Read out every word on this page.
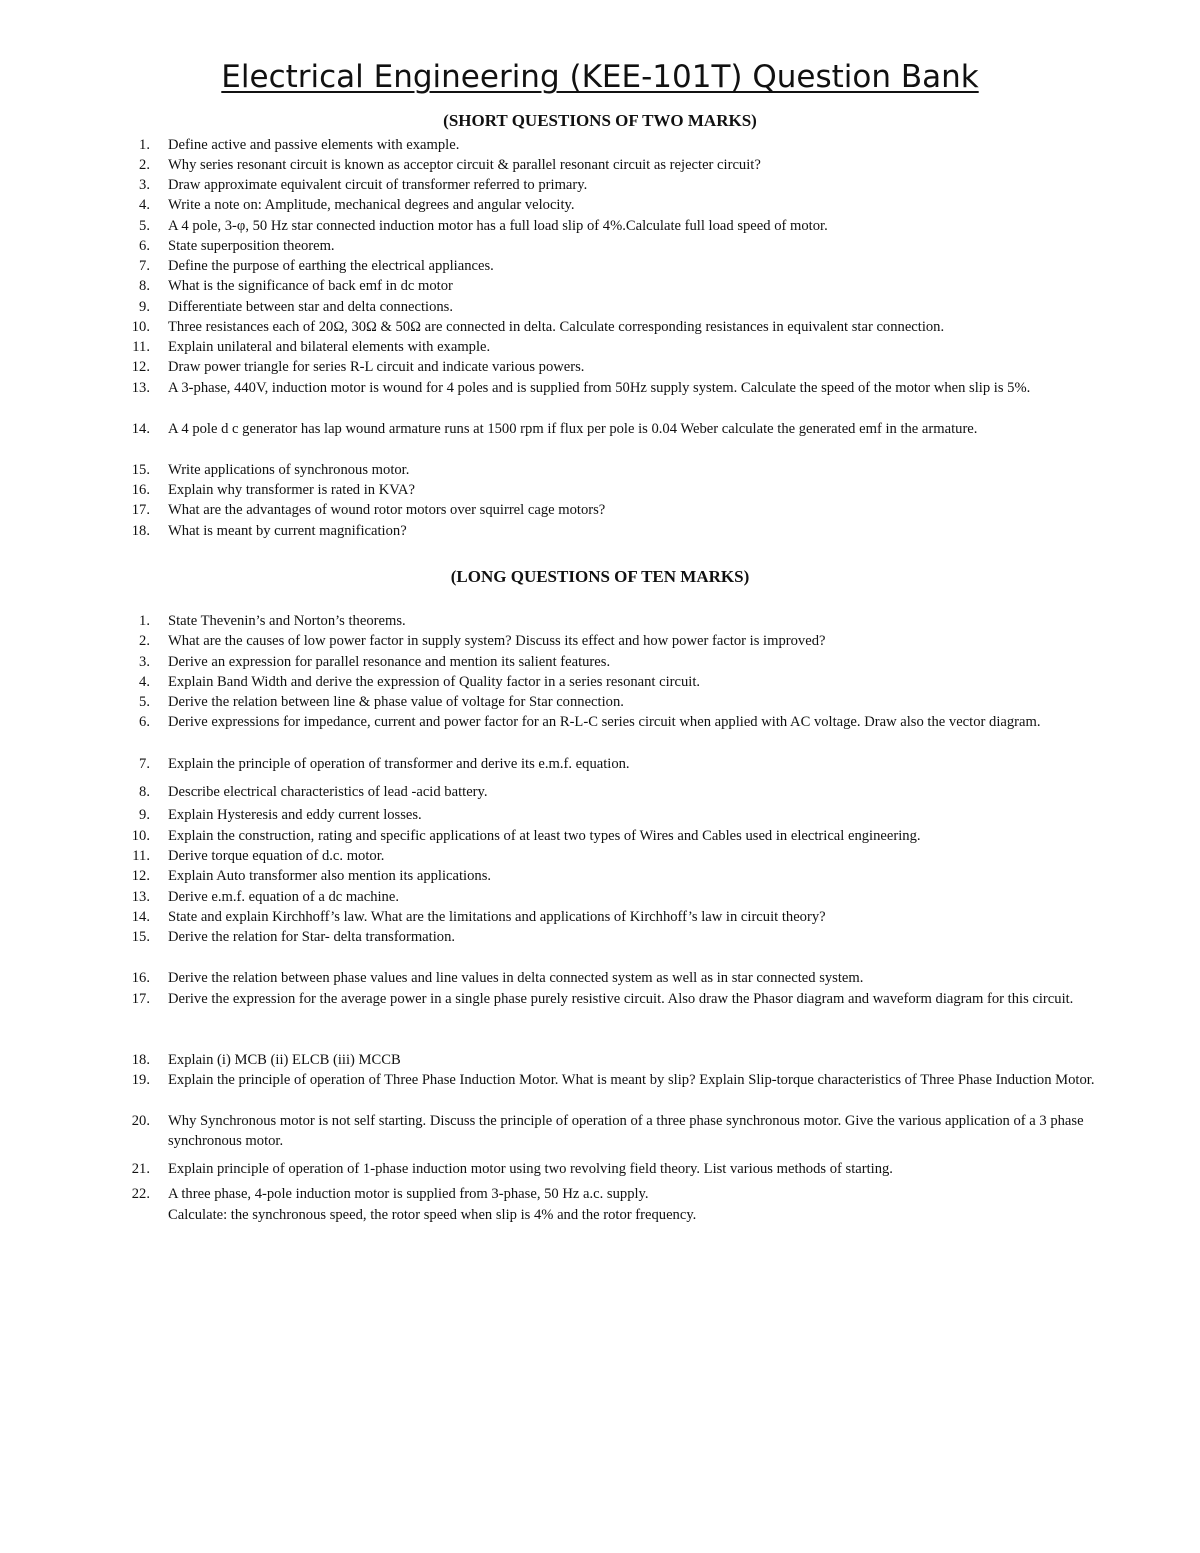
Electrical Engineering (KEE-101T) Question Bank
(SHORT QUESTIONS OF TWO MARKS)
(LONG QUESTIONS OF TEN MARKS)
1. Define active and passive elements with example.
2. Why series resonant circuit is known as acceptor circuit & parallel resonant circuit as rejecter circuit?
3. Draw approximate equivalent circuit of transformer referred to primary.
4. Write a note on: Amplitude, mechanical degrees and angular velocity.
5. A 4 pole, 3-φ, 50 Hz star connected induction motor has a full load slip of 4%.Calculate full load speed of motor.
6. State superposition theorem.
7. Define the purpose of earthing the electrical appliances.
8. What is the significance of back emf in dc motor
9. Differentiate between star and delta connections.
10. Three resistances each of 20Ω, 30Ω & 50Ω are connected in delta. Calculate corresponding resistances in equivalent star connection.
11. Explain unilateral and bilateral elements with example.
12. Draw power triangle for series R-L circuit and indicate various powers.
13. A 3-phase, 440V, induction motor is wound for 4 poles and is supplied from 50Hz supply system. Calculate the speed of the motor when slip is 5%.
14. A 4 pole d c generator has lap wound armature runs at 1500 rpm if flux per pole is 0.04 Weber calculate the generated emf in the armature.
15. Write applications of synchronous motor.
16. Explain why transformer is rated in KVA?
17. What are the advantages of wound rotor motors over squirrel cage motors?
18. What is meant by current magnification?
1. State Thevenin’s and Norton’s theorems.
2. What are the causes of low power factor in supply system? Discuss its effect and how power factor is improved?
3. Derive an expression for parallel resonance and mention its salient features.
4. Explain Band Width and derive the expression of Quality factor in a series resonant circuit.
5. Derive the relation between line & phase value of voltage for Star connection.
6. Derive expressions for impedance, current and power factor for an R-L-C series circuit when applied with AC voltage. Draw also the vector diagram.
7. Explain the principle of operation of transformer and derive its e.m.f. equation.
8. Describe electrical characteristics of lead -acid battery.
9. Explain Hysteresis and eddy current losses.
10. Explain the construction, rating and specific applications of at least two types of Wires and Cables used in electrical engineering.
11. Derive torque equation of d.c. motor.
12. Explain Auto transformer also mention its applications.
13. Derive e.m.f. equation of a dc machine.
14. State and explain Kirchhoff’s law. What are the limitations and applications of Kirchhoff’s law in circuit theory?
15. Derive the relation for Star- delta transformation.
16. Derive the relation between phase values and line values in delta connected system as well as in star connected system.
17. Derive the expression for the average power in a single phase purely resistive circuit. Also draw the Phasor diagram and waveform diagram for this circuit.
18. Explain (i) MCB (ii) ELCB (iii) MCCB
19. Explain the principle of operation of Three Phase Induction Motor. What is meant by slip? Explain Slip-torque characteristics of Three Phase Induction Motor.
20. Why Synchronous motor is not self starting. Discuss the principle of operation of a three phase synchronous motor. Give the various application of a 3 phase synchronous motor.
21. Explain principle of operation of 1-phase induction motor using two revolving field theory. List various methods of starting.
22. A three phase, 4-pole induction motor is supplied from 3-phase, 50 Hz a.c. supply.
Calculate: the synchronous speed, the rotor speed when slip is 4% and the rotor frequency.
